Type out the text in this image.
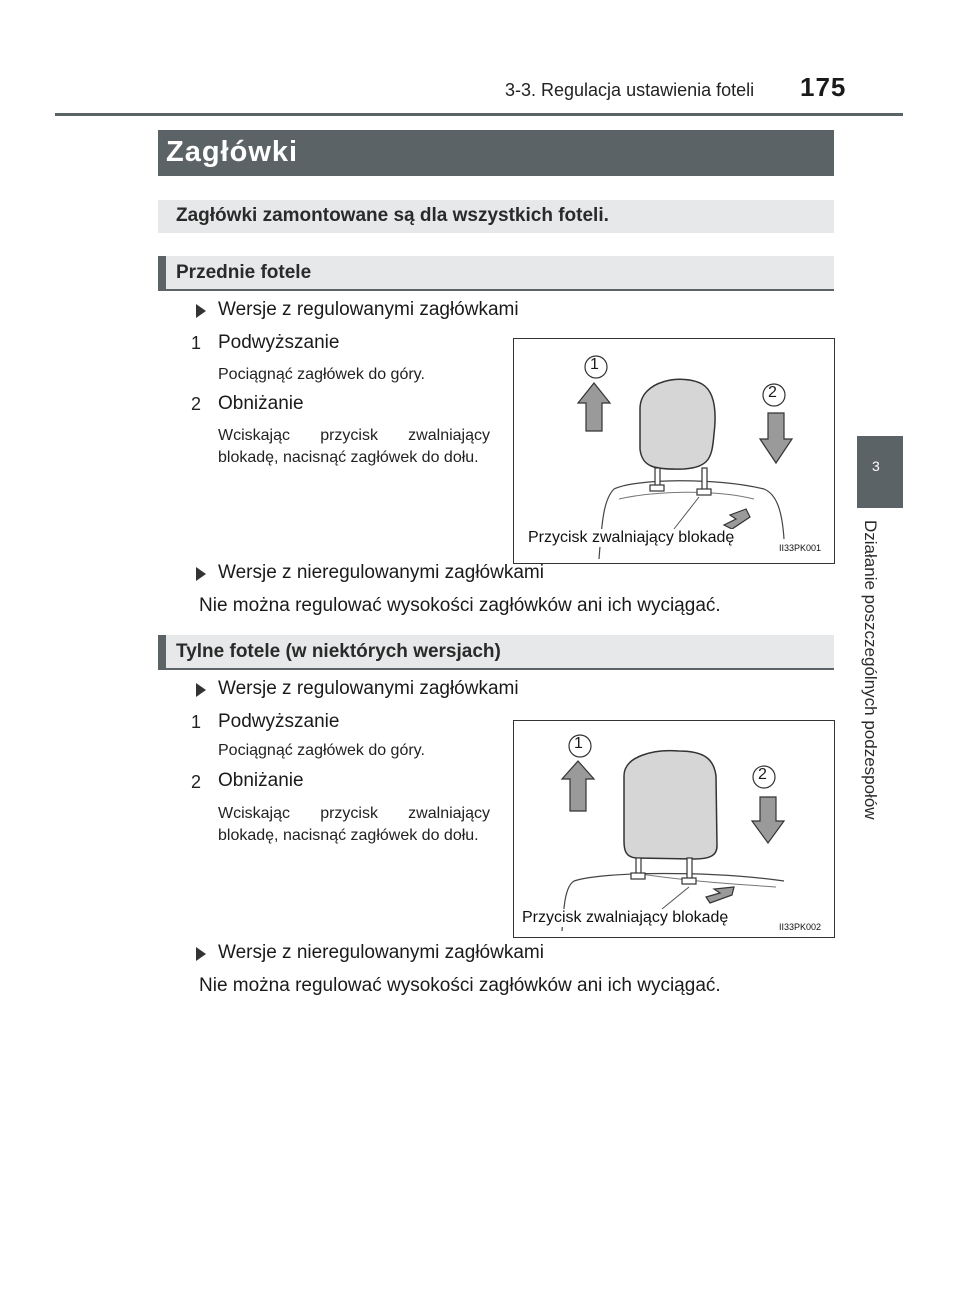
3-3. Regulacja ustawienia foteli 175
Zagłówki
Zagłówki zamontowane są dla wszystkich foteli.
Przednie fotele
Wersje z regulowanymi zagłówkami
1 Podwyższanie
Pociągnąć zagłówek do góry.
2 Obniżanie
Wciskając przycisk zwalniający blokadę, nacisnąć zagłówek do dołu.
1
2
Przycisk zwalniający blokadę
II33PK001
Wersje z nieregulowanymi zagłówkami
Nie można regulować wysokości zagłówków ani ich wyciągać.
Tylne fotele (w niektórych wersjach)
Wersje z regulowanymi zagłówkami
1 Podwyższanie
Pociągnąć zagłówek do góry.
2 Obniżanie
Wciskając przycisk zwalniający blokadę, nacisnąć zagłówek do dołu.
1
2
Przycisk zwalniający blokadę
II33PK002
Wersje z nieregulowanymi zagłówkami
Nie można regulować wysokości zagłówków ani ich wyciągać.
3
Działanie poszczególnych podzespołów
